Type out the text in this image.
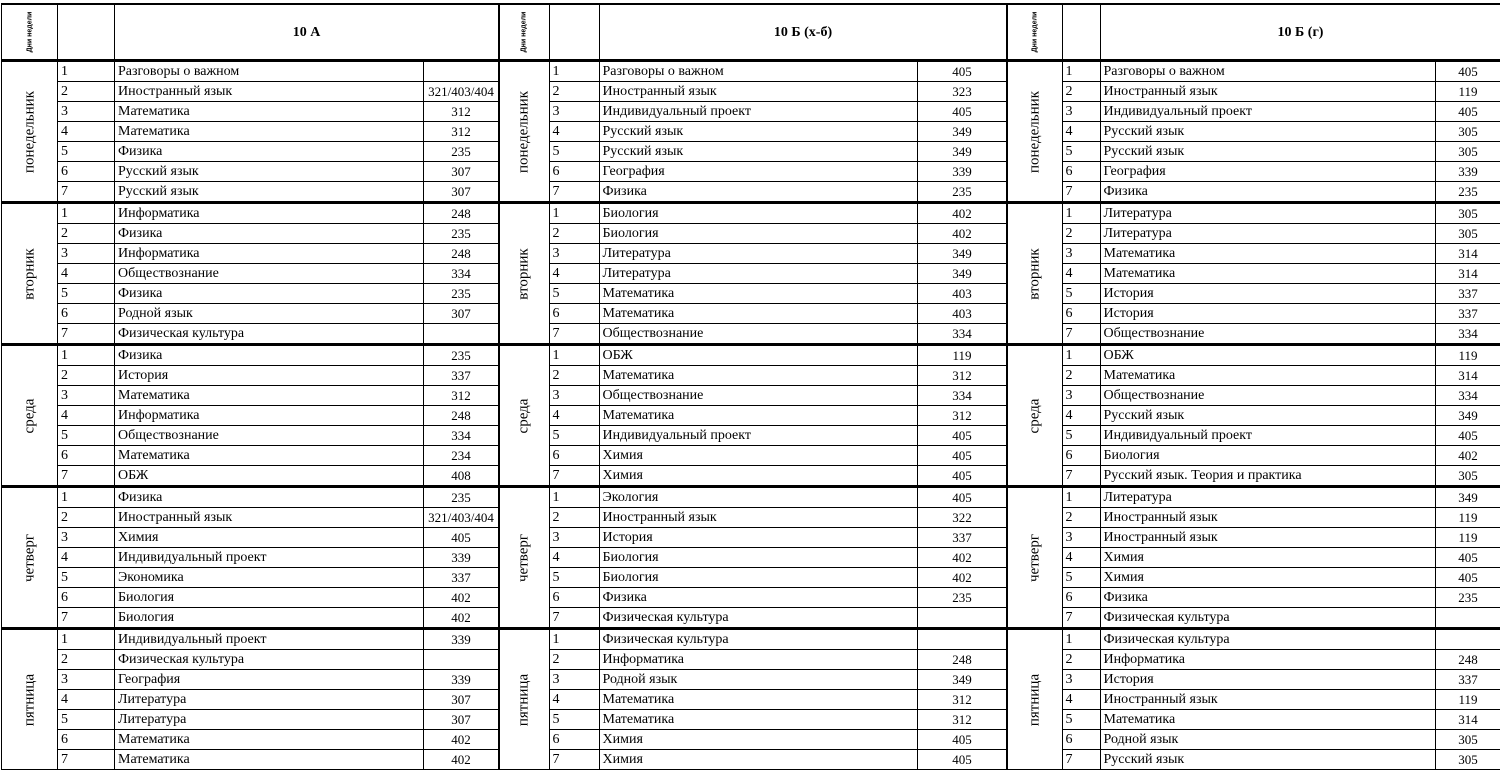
Дни недели		10 А	

понедельник	1	Разговоры о важном	
	2	Иностранный язык	321/403/404
	3	Математика	312
	4	Математика	312
	5	Физика	235
	6	Русский язык	307
	7	Русский язык	307

вторник	1	Информатика	248
	2	Физика	235
	3	Информатика	248
	4	Обществознание	334
	5	Физика	235
	6	Родной язык	307
	7	Физическая культура	

среда	1	Физика	235
	2	История	337
	3	Математика	312
	4	Информатика	248
	5	Обществознание	334
	6	Математика	234
	7	ОБЖ	408

четверг	1	Физика	235
	2	Иностранный язык	321/403/404
	3	Химия	405
	4	Индивидуальный проект	339
	5	Экономика	337
	6	Биология	402
	7	Биология	402

пятница	1	Индивидуальный проект	339
	2	Физическая культура	
	3	География	339
	4	Литература	307
	5	Литература	307
	6	Математика	402
	7	Математика	402
Дни недели		10 Б (х-б)	

понедельник	1	Разговоры о важном	405
	2	Иностранный язык	323
	3	Индивидуальный проект	405
	4	Русский язык	349
	5	Русский язык	349
	6	География	339
	7	Физика	235

вторник	1	Биология	402
	2	Биология	402
	3	Литература	349
	4	Литература	349
	5	Математика	403
	6	Математика	403
	7	Обществознание	334

среда	1	ОБЖ	119
	2	Математика	312
	3	Обществознание	334
	4	Математика	312
	5	Индивидуальный проект	405
	6	Химия	405
	7	Химия	405

четверг	1	Экология	405
	2	Иностранный язык	322
	3	История	337
	4	Биология	402
	5	Биология	402
	6	Физика	235
	7	Физическая культура	

пятница	1	Физическая культура	
	2	Информатика	248
	3	Родной язык	349
	4	Математика	312
	5	Математика	312
	6	Химия	405
	7	Химия	405
Дни недели		10 Б (г)	

понедельник	1	Разговоры о важном	405
	2	Иностранный язык	119
	3	Индивидуальный проект	405
	4	Русский язык	305
	5	Русский язык	305
	6	География	339
	7	Физика	235

вторник	1	Литература	305
	2	Литература	305
	3	Математика	314
	4	Математика	314
	5	История	337
	6	История	337
	7	Обществознание	334

среда	1	ОБЖ	119
	2	Математика	314
	3	Обществознание	334
	4	Русский язык	349
	5	Индивидуальный проект	405
	6	Биология	402
	7	Русский язык. Теория и практика	305

четверг	1	Литература	349
	2	Иностранный язык	119
	3	Иностранный язык	119
	4	Химия	405
	5	Химия	405
	6	Физика	235
	7	Физическая культура	

пятница	1	Физическая культура	
	2	Информатика	248
	3	История	337
	4	Иностранный язык	119
	5	Математика	314
	6	Родной язык	305
	7	Русский язык	305
